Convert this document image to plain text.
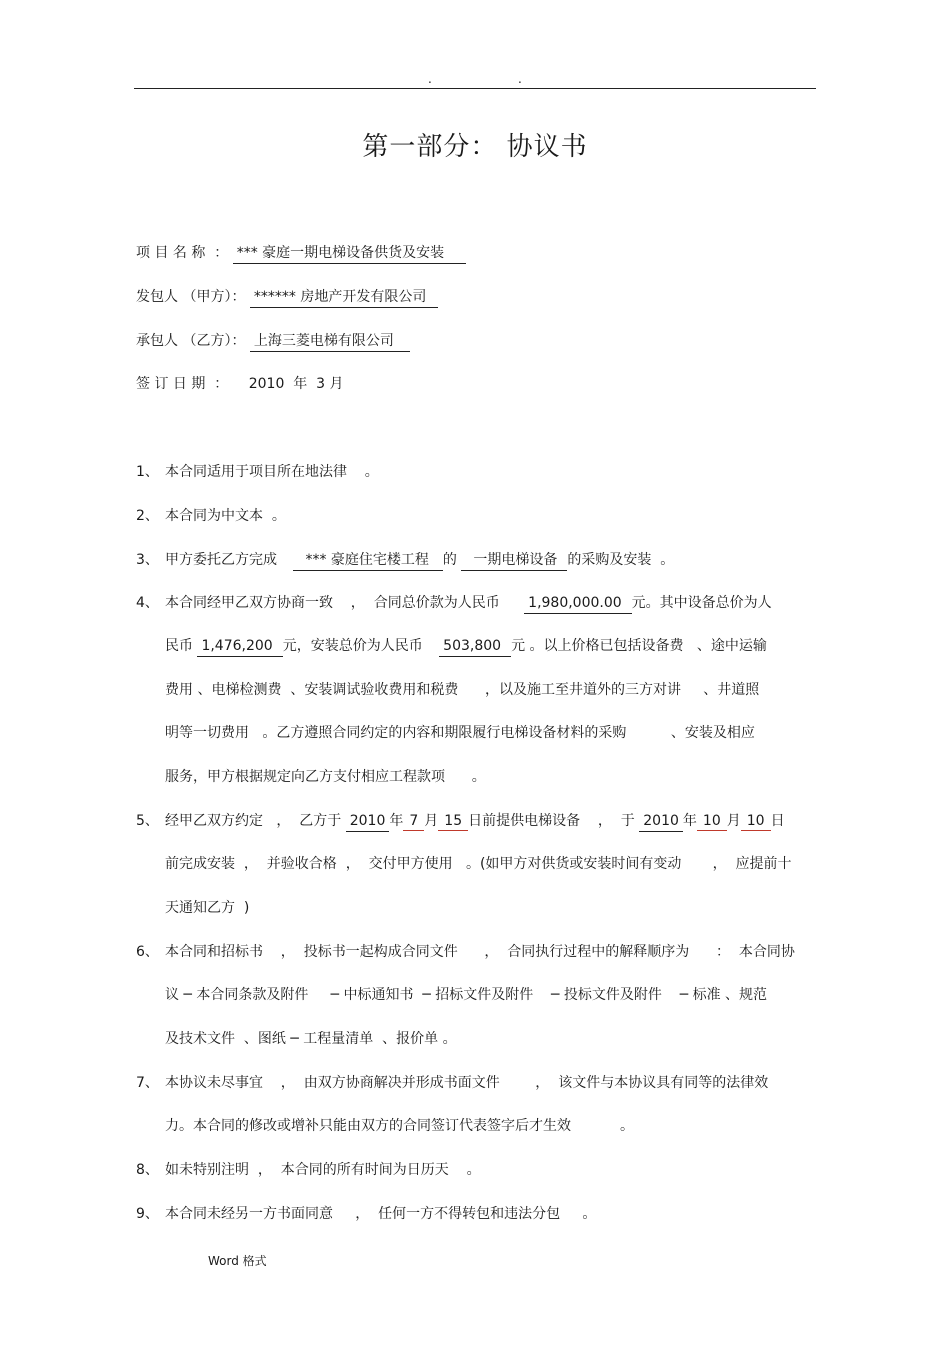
.	.
第一部分： 协议书
项 目 名 称  ： *** 豪庭一期电梯设备供货及安装
发包人 （甲方）： ****** 房地产开发有限公司
承包人 （乙方）： 上海三菱电梯有限公司
签 订 日 期  ： 2010  年  3 月
1、 本合同适用于项目所在地法律    。
2、 本合同为中文本  。
3、 甲方委托乙方完成 *** 豪庭住宅楼工程 的 一期电梯设备 的采购及安装  。
4、 本合同经甲乙双方协商一致    ，  合同总价款为人民币 1,980,000.00 元。其中设备总价为人
民币 1,476,200 元，安装总价为人民币 503,800 元 。以上价格已包括设备费   、途中运输
费用 、电梯检测费  、安装调试验收费用和税费      ，以及施工至井道外的三方对讲     、井道照
明等一切费用   。乙方遵照合同约定的内容和期限履行电梯设备材料的采购          、安装及相应
服务，甲方根据规定向乙方支付相应工程款项      。
5、 经甲乙双方约定   ，  乙方于 2010 年 7 月 15 日前提供电梯设备    ，  于 2010 年 10 月 10 日
前完成安装  ，  并验收合格  ，  交付甲方使用   。(如甲方对供货或安装时间有变动       ，  应提前十
天通知乙方  )
6、 本合同和招标书    ，  投标书一起构成合同文件      ，  合同执行过程中的解释顺序为      ：  本合同协
议 ─ 本合同条款及附件     ─ 中标通知书  ─ 招标文件及附件    ─ 投标文件及附件    ─ 标准 、规范
及技术文件  、图纸 ─ 工程量清单  、报价单 。
7、 本协议未尽事宜    ，  由双方协商解决并形成书面文件        ，  该文件与本协议具有同等的法律效
力。本合同的修改或增补只能由双方的合同签订代表签字后才生效           。
8、 如未特别注明  ，  本合同的所有时间为日历天    。
9、 本合同未经另一方书面同意     ，  任何一方不得转包和违法分包     。
Word 格式
